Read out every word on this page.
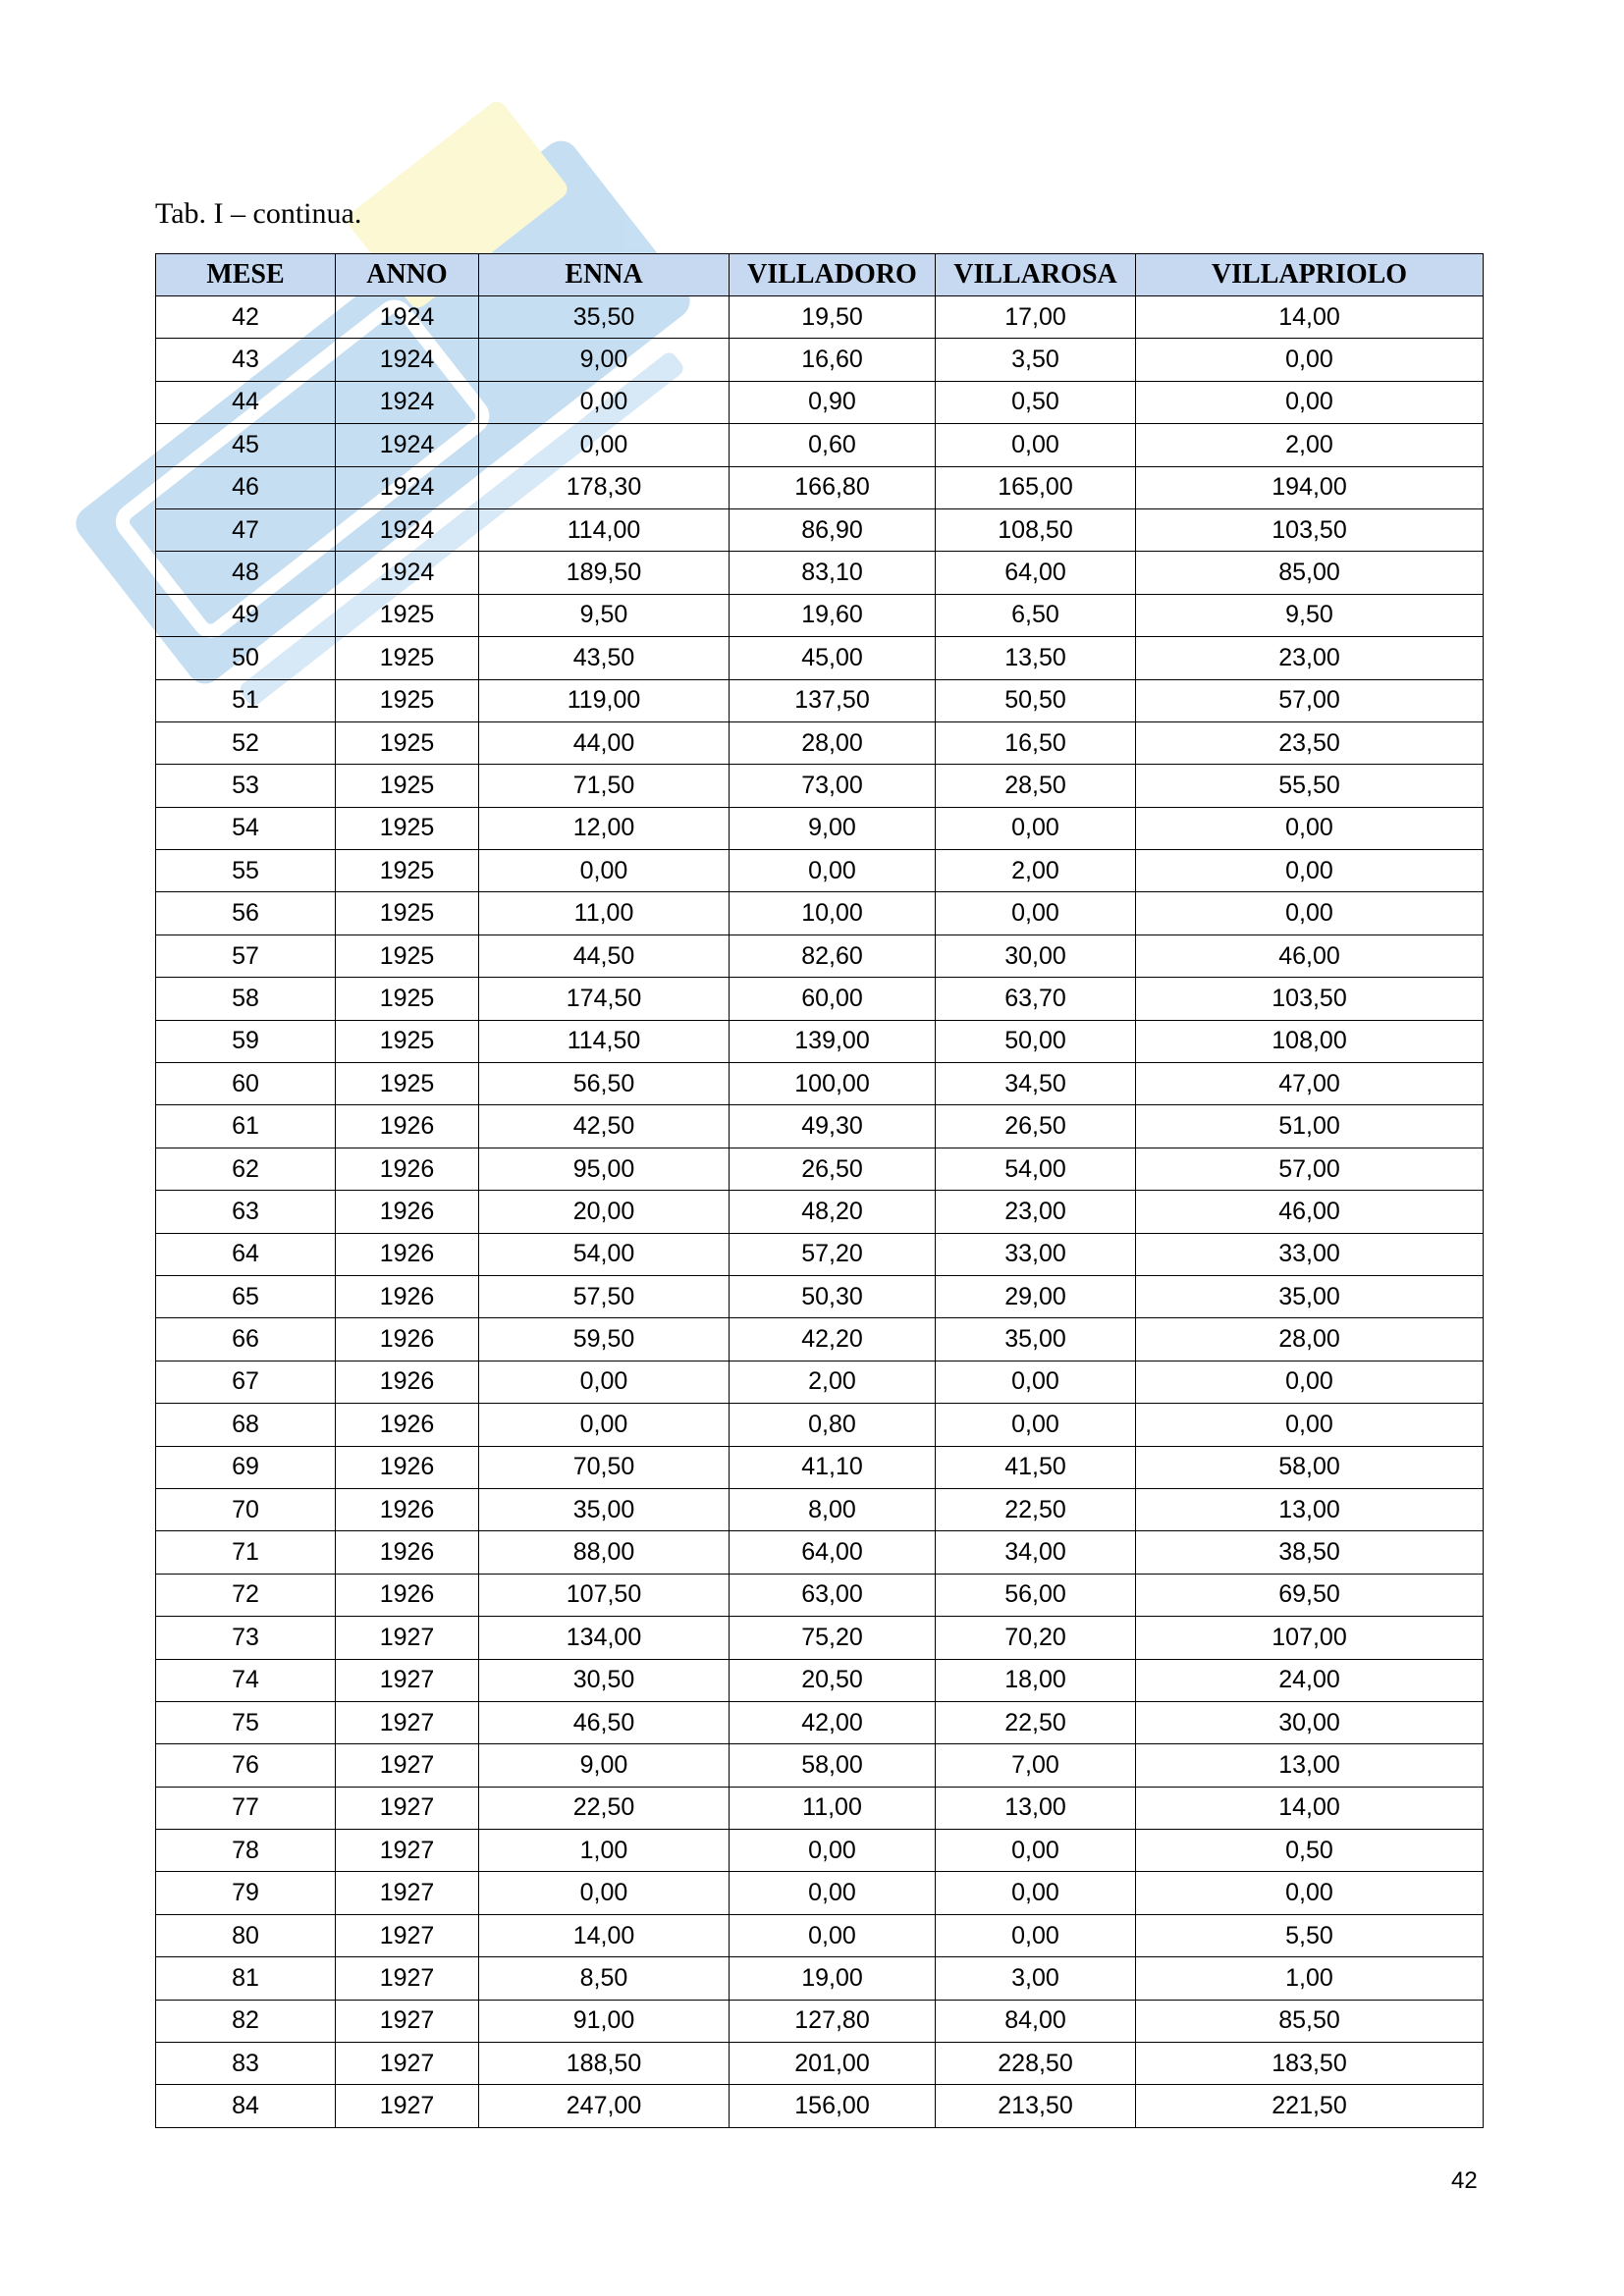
Tab. I – continua.
MESE	ANNO	ENNA	VILLADORO	VILLAROSA	VILLAPRIOLO
42	1924	35,50	19,50	17,00	14,00
43	1924	9,00	16,60	3,50	0,00
44	1924	0,00	0,90	0,50	0,00
45	1924	0,00	0,60	0,00	2,00
46	1924	178,30	166,80	165,00	194,00
47	1924	114,00	86,90	108,50	103,50
48	1924	189,50	83,10	64,00	85,00
49	1925	9,50	19,60	6,50	9,50
50	1925	43,50	45,00	13,50	23,00
51	1925	119,00	137,50	50,50	57,00
52	1925	44,00	28,00	16,50	23,50
53	1925	71,50	73,00	28,50	55,50
54	1925	12,00	9,00	0,00	0,00
55	1925	0,00	0,00	2,00	0,00
56	1925	11,00	10,00	0,00	0,00
57	1925	44,50	82,60	30,00	46,00
58	1925	174,50	60,00	63,70	103,50
59	1925	114,50	139,00	50,00	108,00
60	1925	56,50	100,00	34,50	47,00
61	1926	42,50	49,30	26,50	51,00
62	1926	95,00	26,50	54,00	57,00
63	1926	20,00	48,20	23,00	46,00
64	1926	54,00	57,20	33,00	33,00
65	1926	57,50	50,30	29,00	35,00
66	1926	59,50	42,20	35,00	28,00
67	1926	0,00	2,00	0,00	0,00
68	1926	0,00	0,80	0,00	0,00
69	1926	70,50	41,10	41,50	58,00
70	1926	35,00	8,00	22,50	13,00
71	1926	88,00	64,00	34,00	38,50
72	1926	107,50	63,00	56,00	69,50
73	1927	134,00	75,20	70,20	107,00
74	1927	30,50	20,50	18,00	24,00
75	1927	46,50	42,00	22,50	30,00
76	1927	9,00	58,00	7,00	13,00
77	1927	22,50	11,00	13,00	14,00
78	1927	1,00	0,00	0,00	0,50
79	1927	0,00	0,00	0,00	0,00
80	1927	14,00	0,00	0,00	5,50
81	1927	8,50	19,00	3,00	1,00
82	1927	91,00	127,80	84,00	85,50
83	1927	188,50	201,00	228,50	183,50
84	1927	247,00	156,00	213,50	221,50
42
